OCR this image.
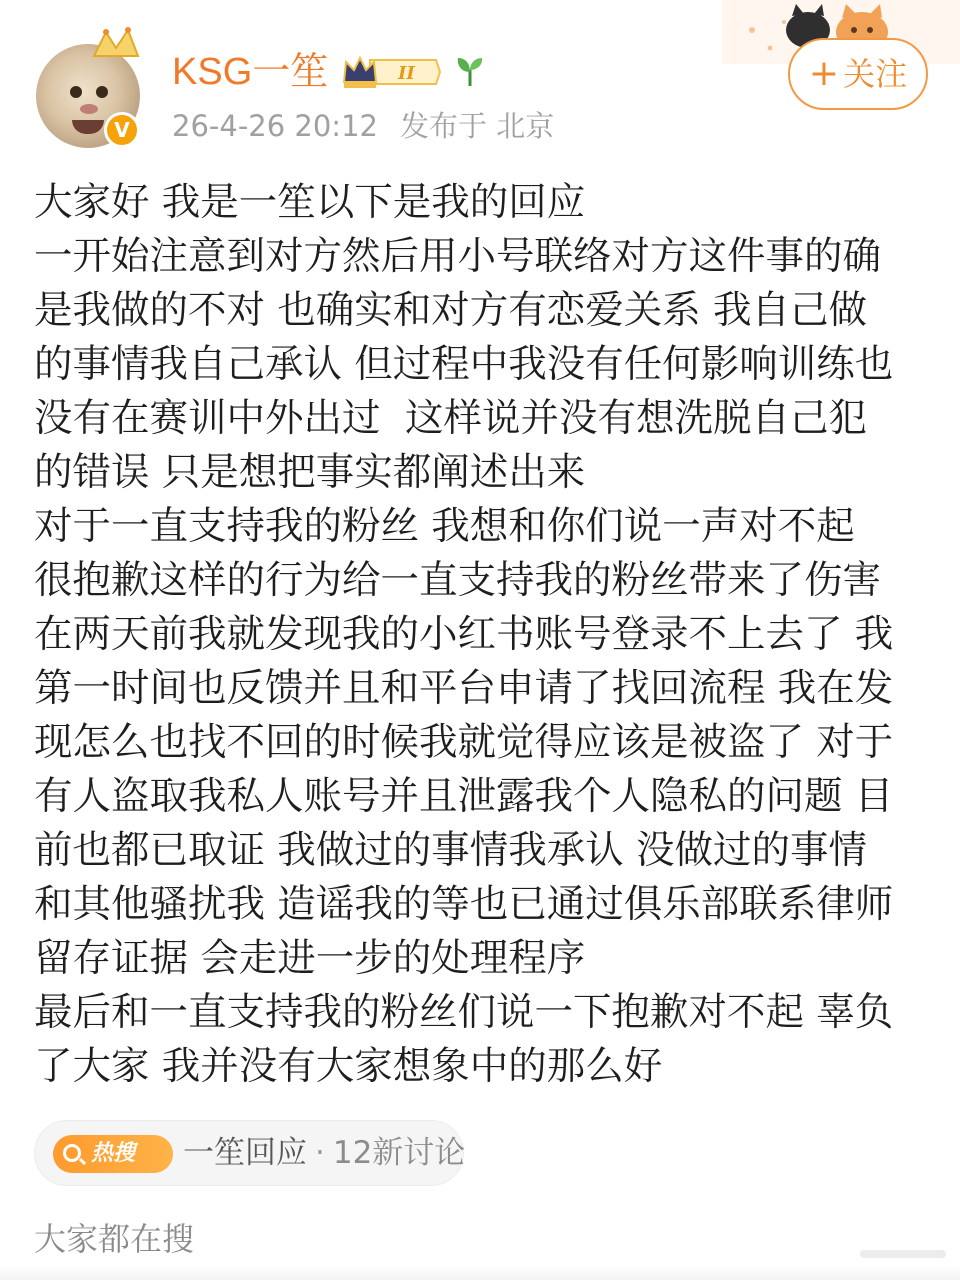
V
KSG一笙	II
26-4-26 20:12 发布于 北京
+ 关注
大家好 我是一笙以下是我的回应
一开始注意到对方然后用小号联络对方这件事的确
是我做的不对 也确实和对方有恋爱关系 我自己做
的事情我自己承认 但过程中我没有任何影响训练也
没有在赛训中外出过  这样说并没有想洗脱自己犯
的错误 只是想把事实都阐述出来
对于一直支持我的粉丝 我想和你们说一声对不起
很抱歉这样的行为给一直支持我的粉丝带来了伤害
在两天前我就发现我的小红书账号登录不上去了 我
第一时间也反馈并且和平台申请了找回流程 我在发
现怎么也找不回的时候我就觉得应该是被盗了 对于
有人盗取我私人账号并且泄露我个人隐私的问题 目
前也都已取证 我做过的事情我承认 没做过的事情
和其他骚扰我 造谣我的等也已通过俱乐部联系律师
留存证据 会走进一步的处理程序
最后和一直支持我的粉丝们说一下抱歉对不起 辜负
了大家 我并没有大家想象中的那么好
热搜 一笙回应 · 12新讨论
大家都在搜
